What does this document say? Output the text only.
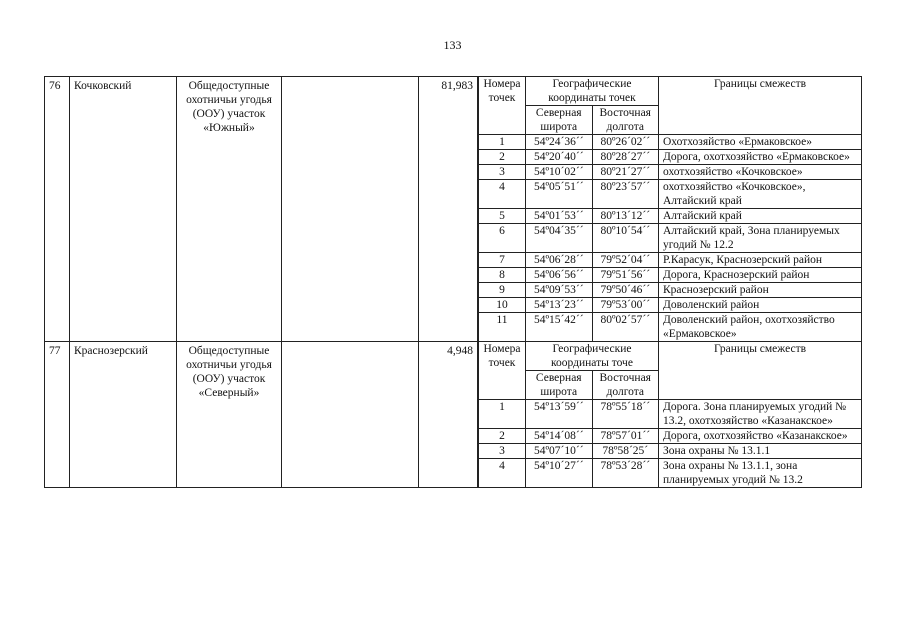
133
76	Кочковский	Общедоступные охотничьи угодья (ООУ) участок «Южный»		81,983		Номера точек	Географические координаты точек	Границы смежеств
Северная широта	Восточная долгота
1	54º24´36´´	80º26´02´´	Охотхозяйство «Ермаковское»
2	54º20´40´´	80º28´27´´	Дорога, охотхозяйство «Ермаковское»
3	54º10´02´´	80º21´27´´	охотхозяйство «Кочковское»
4	54º05´51´´	80º23´57´´	охотхозяйство «Кочковское», Алтайский край
5	54º01´53´´	80º13´12´´	Алтайский край
6	54º04´35´´	80º10´54´´	Алтайский край, Зона планируемых угодий № 12.2
7	54º06´28´´	79º52´04´´	Р.Карасук, Краснозерский район
8	54º06´56´´	79º51´56´´	Дорога, Краснозерский район
9	54º09´53´´	79º50´46´´	Краснозерский район
10	54º13´23´´	79º53´00´´	Доволенский район
11	54º15´42´´	80º02´57´´	Доволенский район, охотхозяйство «Ермаковское»

77	Краснозерский	Общедоступные охотничьи угодья (ООУ) участок «Северный»		4,948		Номера точек	Географические координаты точе	Границы смежеств
Северная широта	Восточная долгота
1	54º13´59´´	78º55´18´´	Дорога. Зона планируемых угодий № 13.2, охотхозяйство «Казанакское»
2	54º14´08´´	78º57´01´´	Дорога, охотхозяйство «Казанакское»
3	54º07´10´´	78º58´25´	Зона охраны № 13.1.1
4	54º10´27´´	78º53´28´´	Зона охраны № 13.1.1, зона планируемых угодий № 13.2
